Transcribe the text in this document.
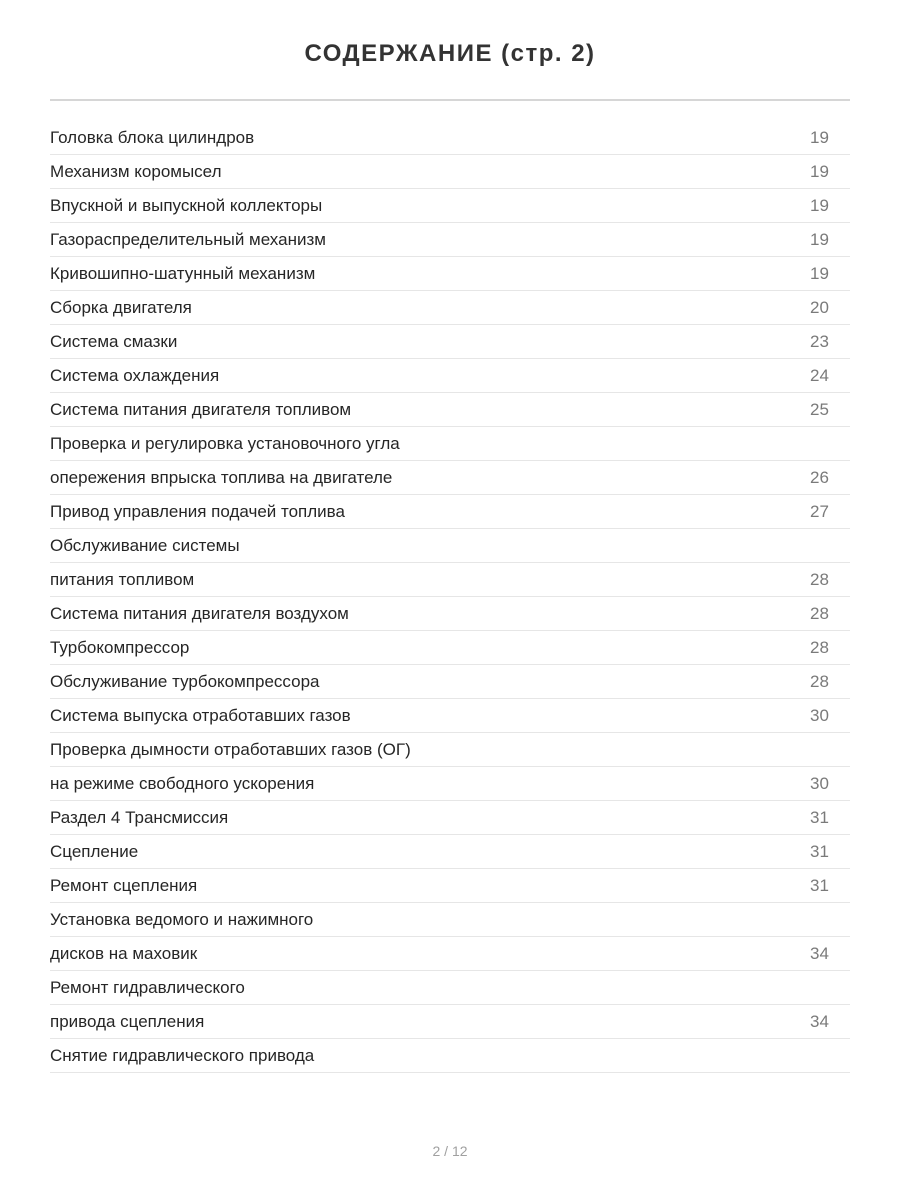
СОДЕРЖАНИЕ (стр. 2)
Головка блока цилиндров	19
Механизм коромысел	19
Впускной и выпускной коллекторы	19
Газораспределительный механизм	19
Кривошипно-шатунный механизм	19
Сборка двигателя	20
Система смазки	23
Система охлаждения	24
Система питания двигателя топливом	25
Проверка и регулировка установочного угла
опережения впрыска топлива на двигателе	26
Привод управления подачей топлива	27
Обслуживание системы
питания топливом	28
Система питания двигателя воздухом	28
Турбокомпрессор	28
Обслуживание турбокомпрессора	28
Система выпуска отработавших газов	30
Проверка дымности отработавших газов (ОГ)
на режиме свободного ускорения	30
Раздел 4 Трансмиссия	31
Сцепление	31
Ремонт сцепления	31
Установка ведомого и нажимного
дисков на маховик	34
Ремонт гидравлического
привода сцепления	34
Снятие гидравлического привода
2 / 12
